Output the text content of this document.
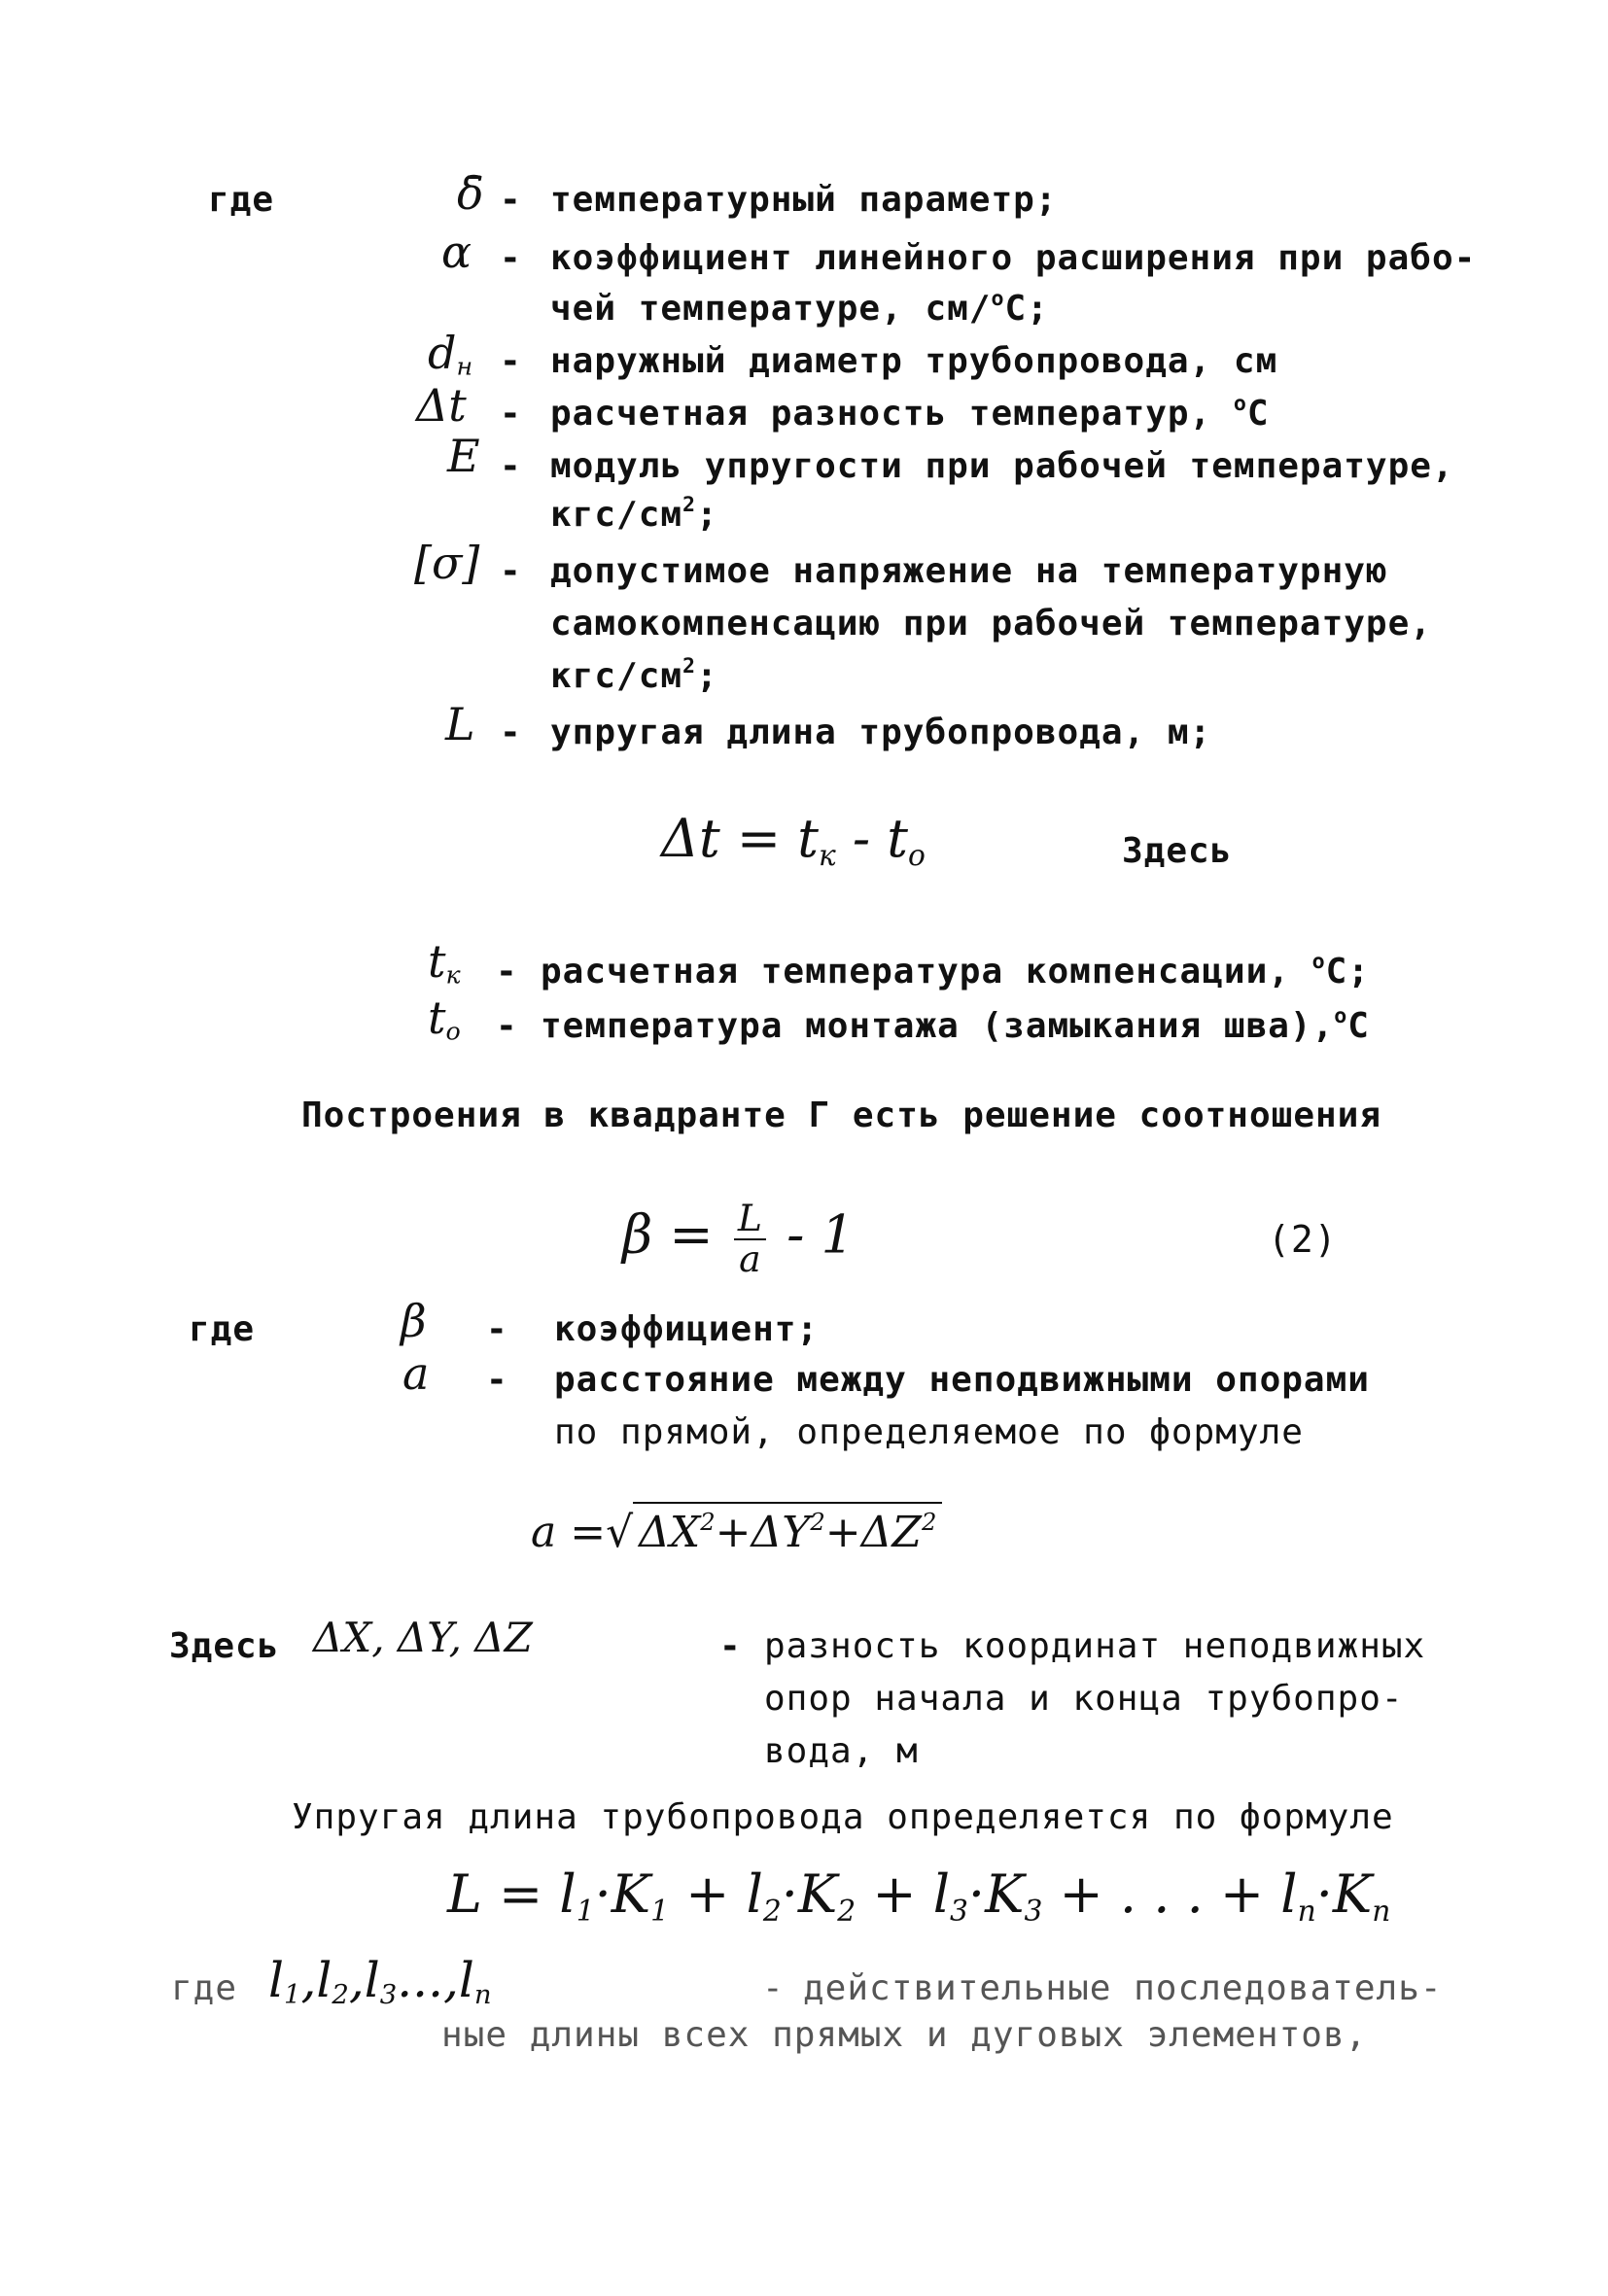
где	δ̄ - температурный параметр;
α - коэффициент линейного расширения при рабо-
чей температуре, см/$^о$С;
$d_н$ - наружный диаметр трубопровода, см
Δt - расчетная разность температур, $^о$С
E - модуль упругости при рабочей температуре,
кгс/$см^2$;
[σ] - допустимое напряжение на температурную
самокомпенсацию при рабочей температуре,
кгс/$см^2$;
L - упругая длина трубопровода, м;
$\Delta t = t_к - t_о$	Здесь
$t_к$ - расчетная температура компенсации, $^о$С;
$t_о$ - температура монтажа (замыкания шва),$^о$С
Построения в квадранте Г есть решение соотношения
$\beta = \frac{L}{a} - 1$	(2)
где	β - коэффициент;
a - расстояние между неподвижными опорами
по прямой, определяемое по формуле
a =√ $\Delta X^2+\Delta Y^2+\Delta Z^2$
Здесь ΔX, ΔY, ΔZ	- разность координат неподвижных
опор начала и конца трубопро-
вода, м
Упругая длина трубопровода определяется по формуле
$L = l_1\cdot K_1 + l_2\cdot K_2 + l_3\cdot K_3$ + . . . + $l_n\cdot K_n$
где $l_1,l_2,l_3...,l_n$	- действительные последователь-
ные длины всех прямых и дуговых элементов,
